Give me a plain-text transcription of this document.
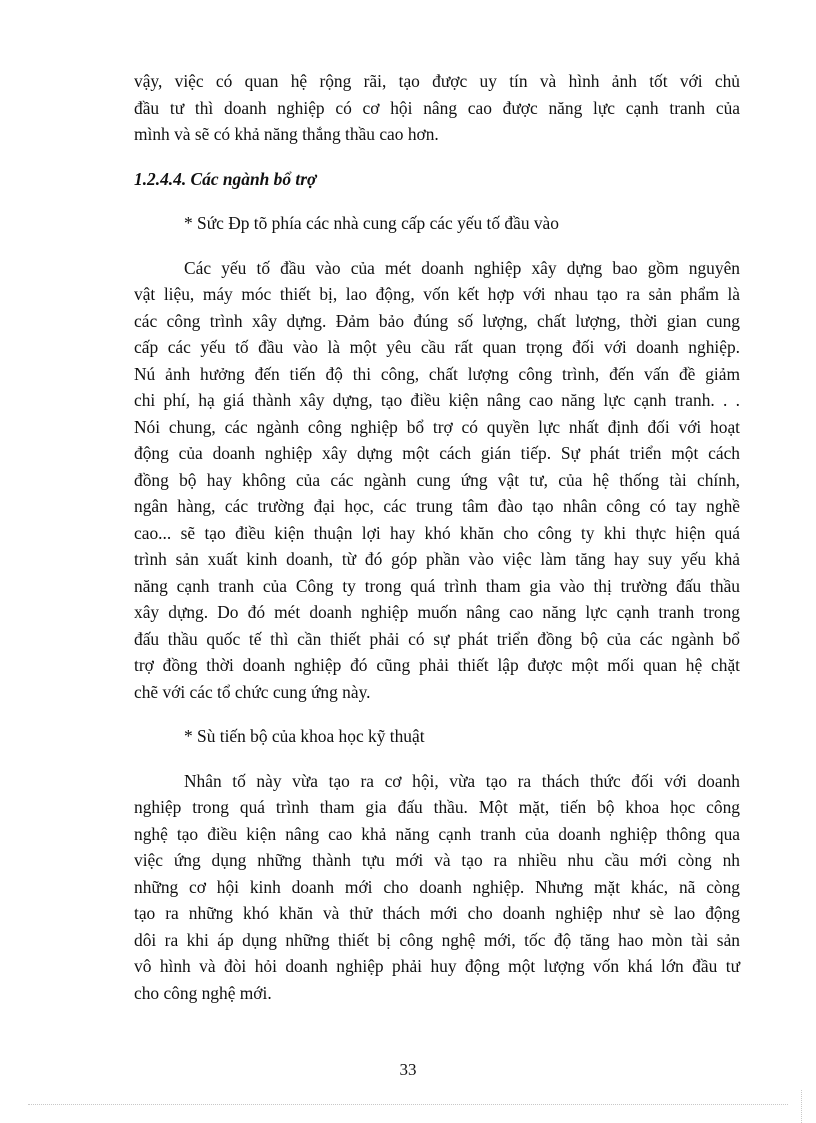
vậy, việc có quan hệ rộng rãi, tạo được uy tín và hình ảnh tốt với chủ
đầu tư thì doanh nghiệp có cơ hội nâng cao được năng lực cạnh tranh của
mình và sẽ có khả năng thắng thầu cao hơn.
1.2.4.4. Các ngành bổ trợ
* Sức Ðp tõ phía các nhà cung cấp các yếu tố đầu vào
Các yếu tố đầu vào của mét doanh nghiệp xây dựng bao gồm nguyên
vật liệu, máy móc thiết bị, lao động, vốn kết hợp với nhau tạo ra sản phẩm là
các công trình xây dựng. Đảm bảo đúng số lượng, chất lượng, thời gian cung
cấp các yếu tố đầu vào là một yêu cầu rất quan trọng đối với doanh nghiệp.
Nú ảnh hưởng đến tiến độ thi công, chất lượng công trình, đến vấn đề giảm
chi phí, hạ giá thành xây dựng, tạo điều kiện nâng cao năng lực cạnh tranh. . .
Nói chung, các ngành công nghiệp bổ trợ có quyền lực nhất định đối với hoạt
động của doanh nghiệp xây dựng một cách gián tiếp. Sự phát triển một cách
đồng bộ hay không của các ngành cung ứng vật tư, của hệ thống tài chính,
ngân hàng, các trường đại học, các trung tâm đào tạo nhân công có tay nghề
cao... sẽ tạo điều kiện thuận lợi hay khó khăn cho công ty khi thực hiện quá
trình sản xuất kinh doanh, từ đó góp phần vào việc làm tăng hay suy yếu khả
năng cạnh tranh của Công ty trong quá trình tham gia vào thị trường đấu thầu
xây dựng. Do đó mét doanh nghiệp muốn nâng cao năng lực cạnh tranh trong
đấu thầu quốc tế thì cần thiết phải có sự phát triển đồng bộ của các ngành bổ
trợ đồng thời doanh nghiệp đó cũng phải thiết lập được một mối quan hệ chặt
chẽ với các tổ chức cung ứng này.
* Sù tiến bộ của khoa học kỹ thuật
Nhân tố này vừa tạo ra cơ hội, vừa tạo ra thách thức đối với doanh
nghiệp trong quá trình tham gia đấu thầu. Một mặt, tiến bộ khoa học công
nghệ tạo điều kiện nâng cao khả năng cạnh tranh của doanh nghiệp thông qua
việc ứng dụng những thành tựu mới và tạo ra nhiều nhu cầu mới còng nh
những cơ hội kinh doanh mới cho doanh nghiệp. Nhưng mặt khác, nã còng
tạo ra những khó khăn và thử thách mới cho doanh nghiệp như sè lao động
dôi ra khi áp dụng những thiết bị công nghệ mới, tốc độ tăng hao mòn tài sản
vô hình và đòi hỏi doanh nghiệp phải huy động một lượng vốn khá lớn đầu tư
cho công nghệ mới.
33
